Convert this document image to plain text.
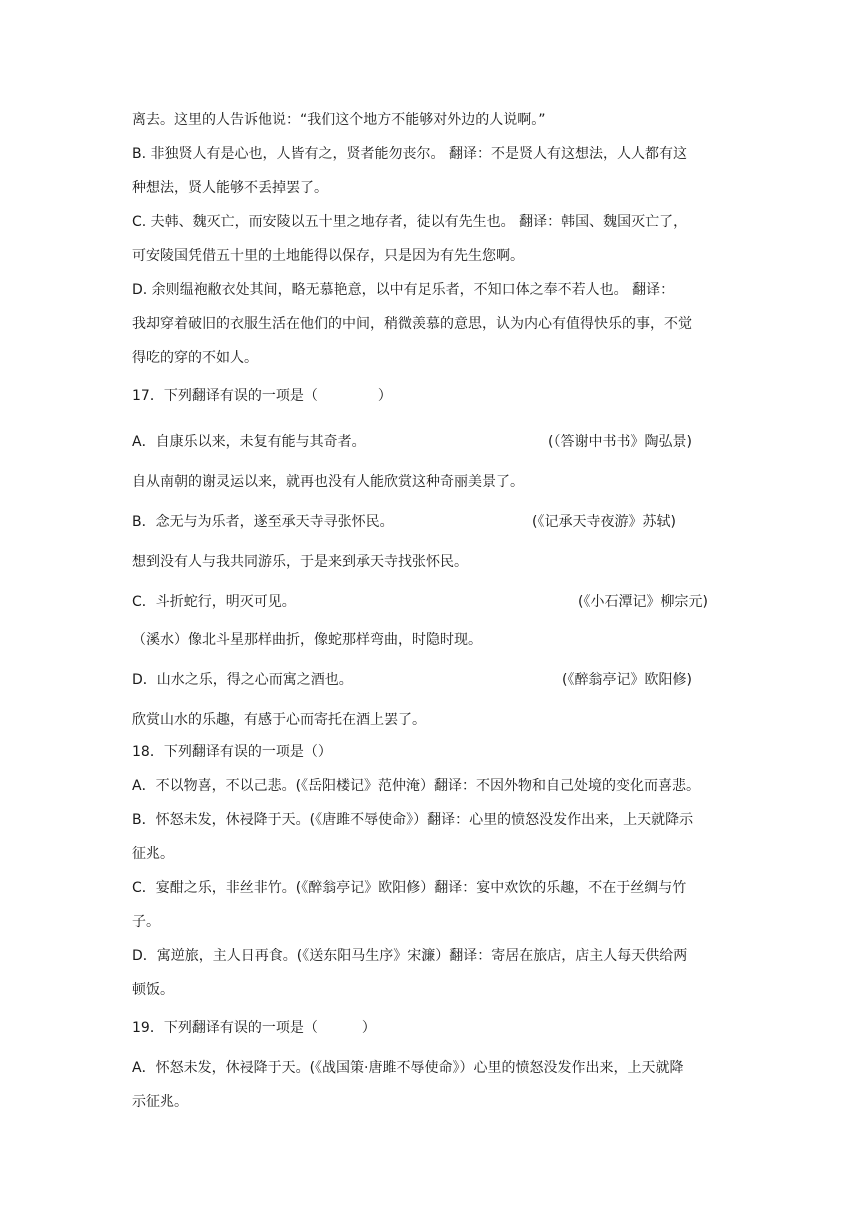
离去。这里的人告诉他说：“我们这个地方不能够对外边的人说啊。”
B. 非独贤人有是心也，人皆有之，贤者能勿丧尔。 翻译：不是贤人有这想法，人人都有这
种想法，贤人能够不丢掉罢了。
C. 夫韩、魏灭亡，而安陵以五十里之地存者，徒以有先生也。 翻译：韩国、魏国灭亡了，
可安陵国凭借五十里的土地能得以保存，只是因为有先生您啊。
D. 余则缊袍敝衣处其间，略无慕艳意，以中有足乐者，不知口体之奉不若人也。 翻译：
我却穿着破旧的衣服生活在他们的中间，稍微羡慕的意思，认为内心有值得快乐的事，不觉
得吃的穿的不如人。
17．下列翻译有误的一项是（	）
A．自康乐以来，未复有能与其奇者。	(（答谢中书书》陶弘景)
自从南朝的谢灵运以来，就再也没有人能欣赏这种奇丽美景了。
B．念无与为乐者，遂至承天寺寻张怀民。	(《记承天寺夜游》苏轼)
想到没有人与我共同游乐，于是来到承天寺找张怀民。
C．斗折蛇行，明灭可见。	(《小石潭记》柳宗元)
（溪水）像北斗星那样曲折，像蛇那样弯曲，时隐时现。
D．山水之乐，得之心而寓之酒也。	(《醉翁亭记》欧阳修)
欣赏山水的乐趣，有感于心而寄托在酒上罢了。
18．下列翻译有误的一项是（）
A．不以物喜，不以己悲。(《岳阳楼记》范仲淹）翻译：不因外物和自己处境的变化而喜悲。
B．怀怒未发，休祲降于天。(《唐雎不辱使命》）翻译：心里的愤怒没发作出来，上天就降示
征兆。
C．宴酣之乐，非丝非竹。(《醉翁亭记》欧阳修）翻译：宴中欢饮的乐趣，不在于丝绸与竹
子。
D．寓逆旅，主人日再食。(《送东阳马生序》宋濂）翻译：寄居在旅店，店主人每天供给两
顿饭。
19．下列翻译有误的一项是（	）
A．怀怒未发，休祲降于天。(《战国策·唐雎不辱使命》）心里的愤怒没发作出来，上天就降
示征兆。
